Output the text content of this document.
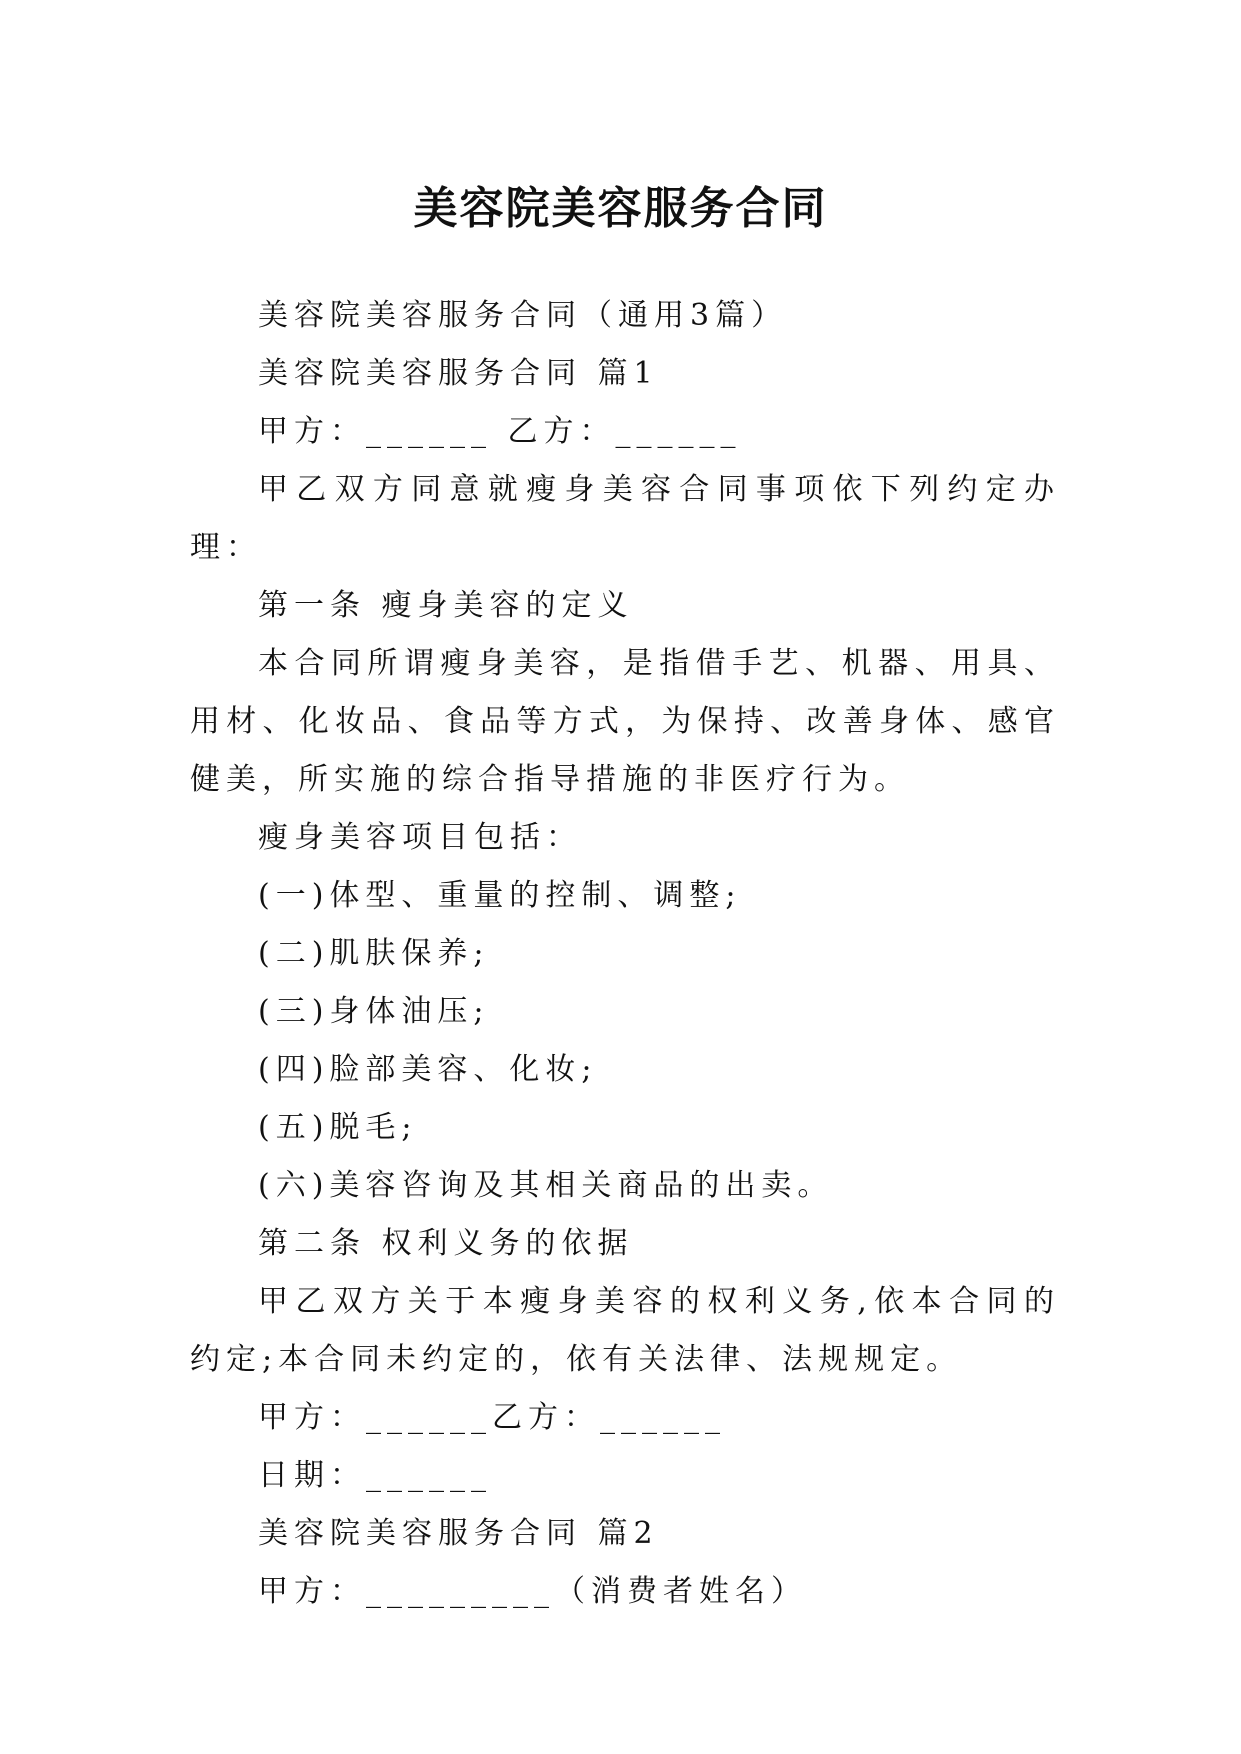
美容院美容服务合同

美容院美容服务合同（通用3篇）

美容院美容服务合同 篇1

甲方：______ 乙方：______

甲乙双方同意就瘦身美容合同事项依下列约定办理：

第一条 瘦身美容的定义

本合同所谓瘦身美容，是指借手艺、机器、用具、用材、化妆品、食品等方式，为保持、改善身体、感官健美，所实施的综合指导措施的非医疗行为。

瘦身美容项目包括：

(一)体型、重量的控制、调整;

(二)肌肤保养;

(三)身体油压;

(四)脸部美容、化妆;

(五)脱毛;

(六)美容咨询及其相关商品的出卖。

第二条 权利义务的依据

甲乙双方关于本瘦身美容的权利义务,依本合同的约定;本合同未约定的，依有关法律、法规规定。

甲方：______乙方：______

日期：______

美容院美容服务合同 篇2

甲方：_________（消费者姓名）
